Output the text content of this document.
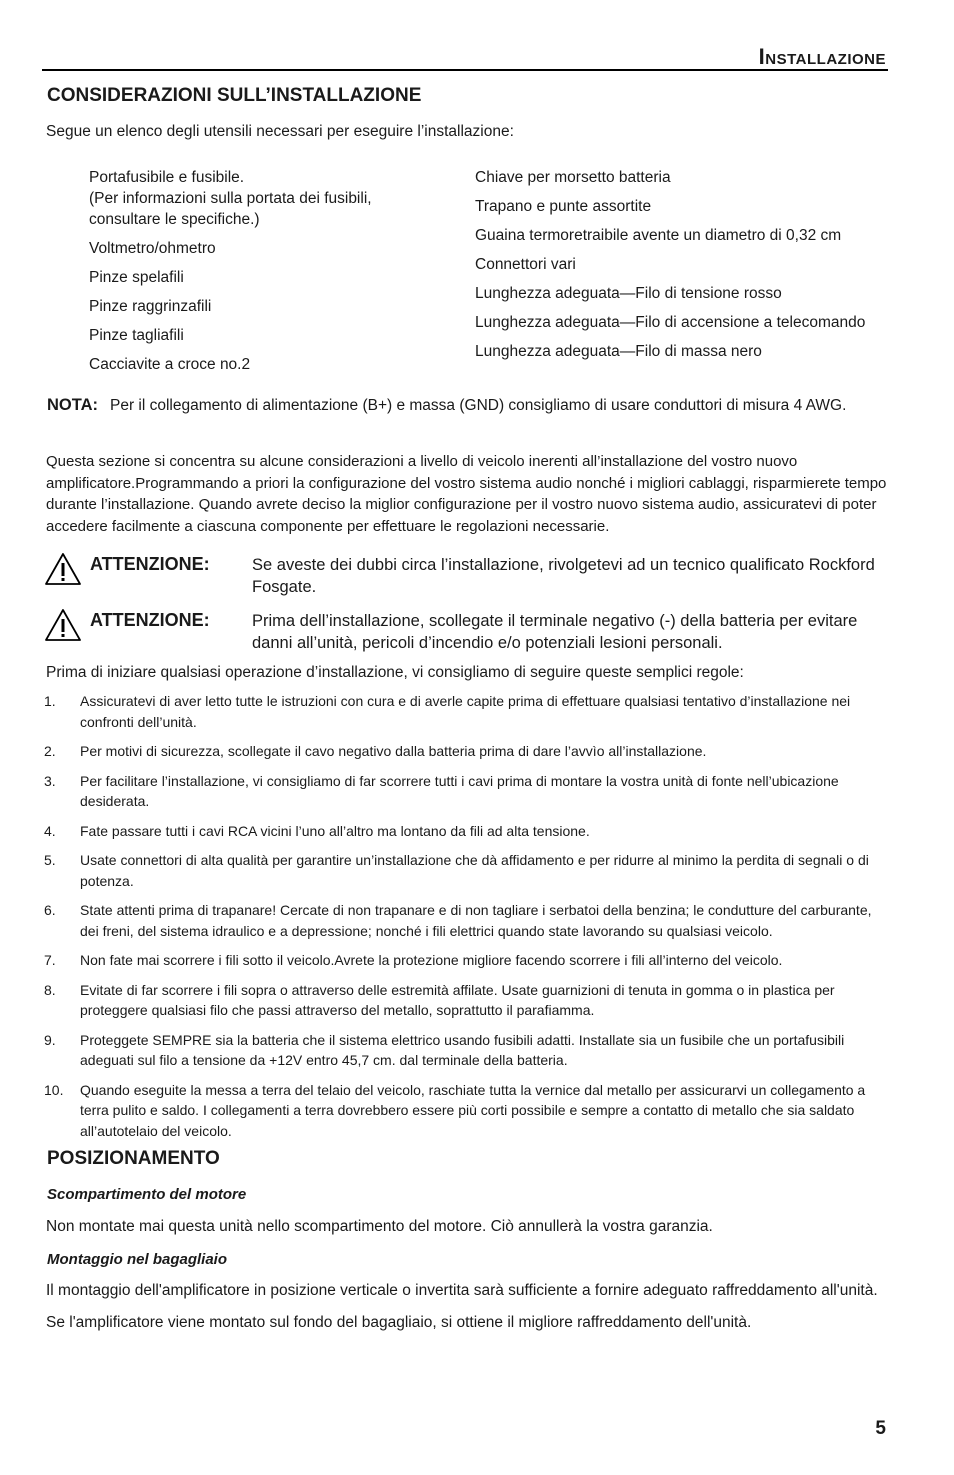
Installazione
CONSIDERAZIONI SULL’INSTALLAZIONE
Segue un elenco degli utensili necessari per eseguire l’installazione:
Portafusibile e fusibile.
(Per informazioni sulla portata dei fusibili,
consultare le specifiche.)
Voltmetro/ohmetro
Pinze spelafili
Pinze raggrinzafili
Pinze tagliafili
Cacciavite a croce no.2
Chiave per morsetto batteria
Trapano e punte assortite
Guaina termoretraibile avente un diametro di 0,32 cm
Connettori vari
Lunghezza adeguata—Filo di tensione rosso
Lunghezza adeguata—Filo di accensione a telecomando
Lunghezza adeguata—Filo di massa nero
NOTA: Per il collegamento di alimentazione (B+) e massa (GND) consigliamo di usare conduttori di misura 4 AWG.
Questa sezione si concentra su alcune considerazioni a livello di veicolo inerenti all’installazione del vostro nuovo amplificatore.Programmando a priori la configurazione del vostro sistema audio nonché i migliori cablaggi, risparmierete tempo durante l’installazione. Quando avrete deciso la miglior configurazione per il vostro nuovo sistema audio, assicuratevi di poter accedere facilmente a ciascuna componente per effettuare le regolazioni necessarie.
ATTENZIONE:	Se aveste dei dubbi circa l’installazione, rivolgetevi ad un tecnico qualificato Rockford Fosgate.
ATTENZIONE:	Prima dell’installazione, scollegate il terminale negativo (-) della batteria per evitare danni all’unità, pericoli d’incendio e/o potenziali lesioni personali.
Prima di iniziare qualsiasi operazione d’installazione, vi consigliamo di seguire queste semplici regole:
1. Assicuratevi di aver letto tutte le istruzioni con cura e di averle capite prima di effettuare qualsiasi tentativo d’installazione nei confronti dell’unità.
2. Per motivi di sicurezza, scollegate il cavo negativo dalla batteria prima di dare l’avvìo all’installazione.
3. Per facilitare l’installazione, vi consigliamo di far scorrere tutti i cavi prima di montare la vostra unità di fonte nell’ubicazione desiderata.
4. Fate passare tutti i cavi RCA vicini l’uno all’altro ma lontano da fili ad alta tensione.
5. Usate connettori di alta qualità per garantire un’installazione che dà affidamento e per ridurre al minimo la perdita di segnali o di potenza.
6. State attenti prima di trapanare! Cercate di non trapanare e di non tagliare i serbatoi della benzina; le condutture del carburante, dei freni, del sistema idraulico e a depressione; nonché i fili elettrici quando state lavorando su qualsiasi veicolo.
7. Non fate mai scorrere i fili sotto il veicolo.Avrete la protezione migliore facendo scorrere i fili all’interno del veicolo.
8. Evitate di far scorrere i fili sopra o attraverso delle estremità affilate. Usate guarnizioni di tenuta in gomma o in plastica per proteggere qualsiasi filo che passi attraverso del metallo, soprattutto il parafiamma.
9. Proteggete SEMPRE sia la batteria che il sistema elettrico usando fusibili adatti. Installate sia un fusibile che un portafusibili adeguati sul filo a tensione da +12V entro 45,7 cm. dal terminale della batteria.
10. Quando eseguite la messa a terra del telaio del veicolo, raschiate tutta la vernice dal metallo per assicurarvi un collegamento a terra pulito e saldo. I collegamenti a terra dovrebbero essere più corti possibile e sempre a contatto di metallo che sia saldato all’autotelaio del veicolo.
POSIZIONAMENTO
Scompartimento del motore
Non montate mai questa unità nello scompartimento del motore. Ciò annullerà la vostra garanzia.
Montaggio nel bagagliaio
Il montaggio dell'amplificatore in posizione verticale o invertita sarà sufficiente a fornire adeguato raffreddamento all'unità.
Se l'amplificatore viene montato sul fondo del bagagliaio, si ottiene il migliore raffreddamento dell'unità.
5
